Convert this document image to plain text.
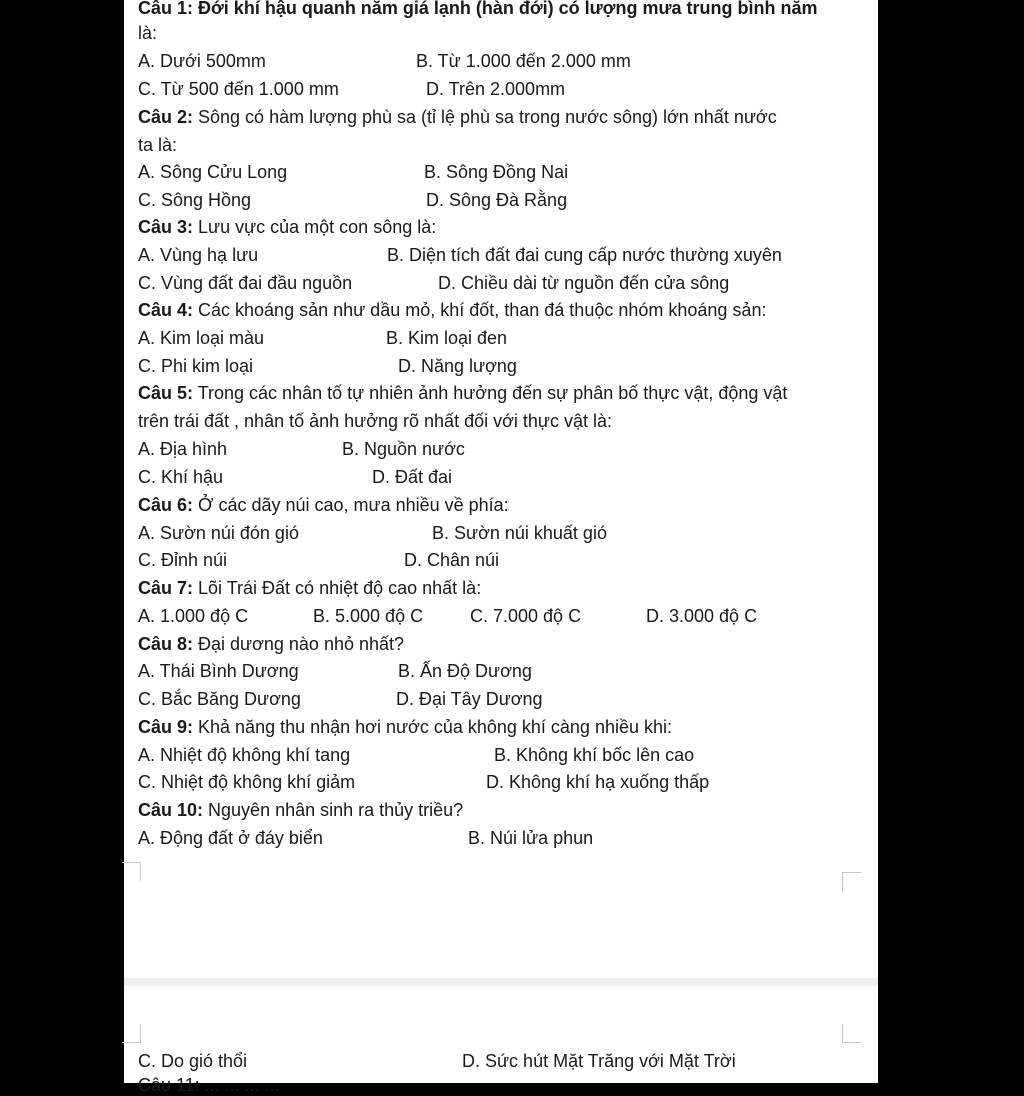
Câu 1: Đới khí hậu quanh năm giá lạnh (hàn đới) có lượng mưa trung bình năm
là:
A. Dưới 500mm	B. Từ 1.000 đến 2.000 mm
C. Từ 500 đến 1.000 mm	D. Trên 2.000mm
Câu 2: Sông có hàm lượng phù sa (tỉ lệ phù sa trong nước sông) lớn nhất nước
ta là:
A. Sông Cửu Long	B. Sông Đồng Nai
C. Sông Hồng	D. Sông Đà Rằng
Câu 3: Lưu vực của một con sông là:
A. Vùng hạ lưu	B. Diện tích đất đai cung cấp nước thường xuyên
C. Vùng đất đai đầu nguồn	D. Chiều dài từ nguồn đến cửa sông
Câu 4: Các khoáng sản như dầu mỏ, khí đốt, than đá thuộc nhóm khoáng sản:
A. Kim loại màu	B. Kim loại đen
C. Phi kim loại	D. Năng lượng
Câu 5: Trong các nhân tố tự nhiên ảnh hưởng đến sự phân bố thực vật, động vật
trên trái đất , nhân tố ảnh hưởng rõ nhất đối với thực vật là:
A. Địa hình	B. Nguồn nước
C. Khí hậu	D. Đất đai
Câu 6: Ở các dãy núi cao, mưa nhiều về phía:
A. Sườn núi đón gió	B. Sườn núi khuất gió
C. Đỉnh núi	D. Chân núi
Câu 7: Lõi Trái Đất có nhiệt độ cao nhất là:
A. 1.000 độ C	B. 5.000 độ C	C. 7.000 độ C	D. 3.000 độ C
Câu 8: Đại dương nào nhỏ nhất?
A. Thái Bình Dương	B. Ấn Độ Dương
C. Bắc Băng Dương	D. Đại Tây Dương
Câu 9: Khả năng thu nhận hơi nước của không khí càng nhiều khi:
A. Nhiệt độ không khí tang	B. Không khí bốc lên cao
C. Nhiệt độ không khí giảm	D. Không khí hạ xuống thấp
Câu 10: Nguyên nhân sinh ra thủy triều?
A. Động đất ở đáy biển	B. Núi lửa phun
C. Do gió thổi	D. Sức hút Mặt Trăng với Mặt Trời
Câu 11: ... ... ... ...
